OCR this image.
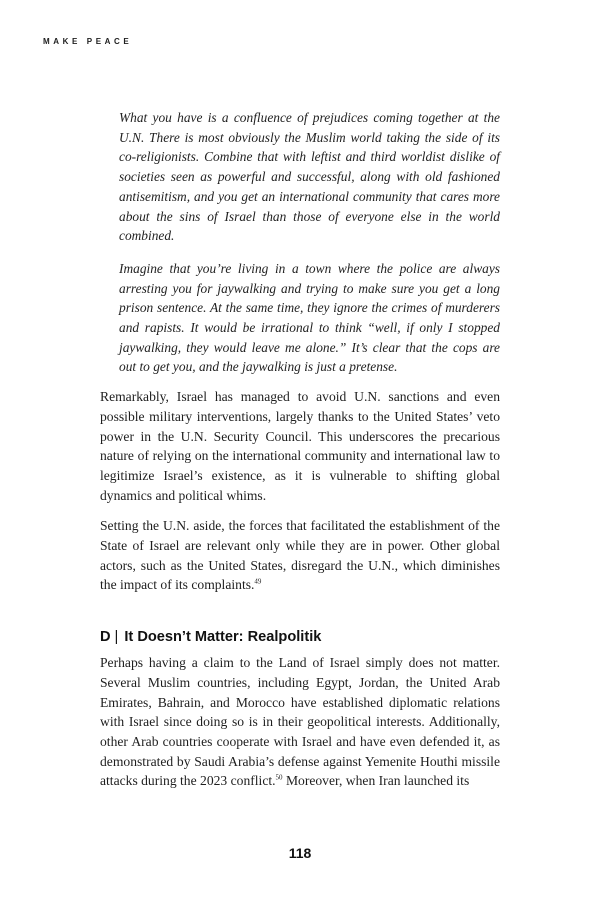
MAKE PEACE

What you have is a confluence of prejudices coming together at the U.N. There is most obviously the Muslim world taking the side of its co-religionists. Combine that with leftist and third worldist dislike of societies seen as powerful and successful, along with old fashioned antisemitism, and you get an international community that cares more about the sins of Israel than those of everyone else in the world combined.

Imagine that you’re living in a town where the police are always arresting you for jaywalking and trying to make sure you get a long prison sentence. At the same time, they ignore the crimes of murderers and rapists. It would be irrational to think “well, if only I stopped jaywalking, they would leave me alone.” It’s clear that the cops are out to get you, and the jaywalking is just a pretense.

Remarkably, Israel has managed to avoid U.N. sanctions and even possible military interventions, largely thanks to the United States’ veto power in the U.N. Security Council. This underscores the precarious nature of relying on the international community and international law to legitimize Israel’s existence, as it is vulnerable to shifting global dynamics and political whims.

Setting the U.N. aside, the forces that facilitated the establishment of the State of Israel are relevant only while they are in power. Other global actors, such as the United States, disregard the U.N., which diminishes the impact of its complaints.$^{49}$

D | It Doesn’t Matter: Realpolitik

Perhaps having a claim to the Land of Israel simply does not matter. Several Muslim countries, including Egypt, Jordan, the United Arab Emirates, Bahrain, and Morocco have established diplomatic relations with Israel since doing so is in their geopolitical interests. Additionally, other Arab countries cooperate with Israel and have even defended it, as demonstrated by Saudi Arabia’s defense against Yemenite Houthi missile attacks during the 2023 conflict.$^{50}$ Moreover, when Iran launched its

118
